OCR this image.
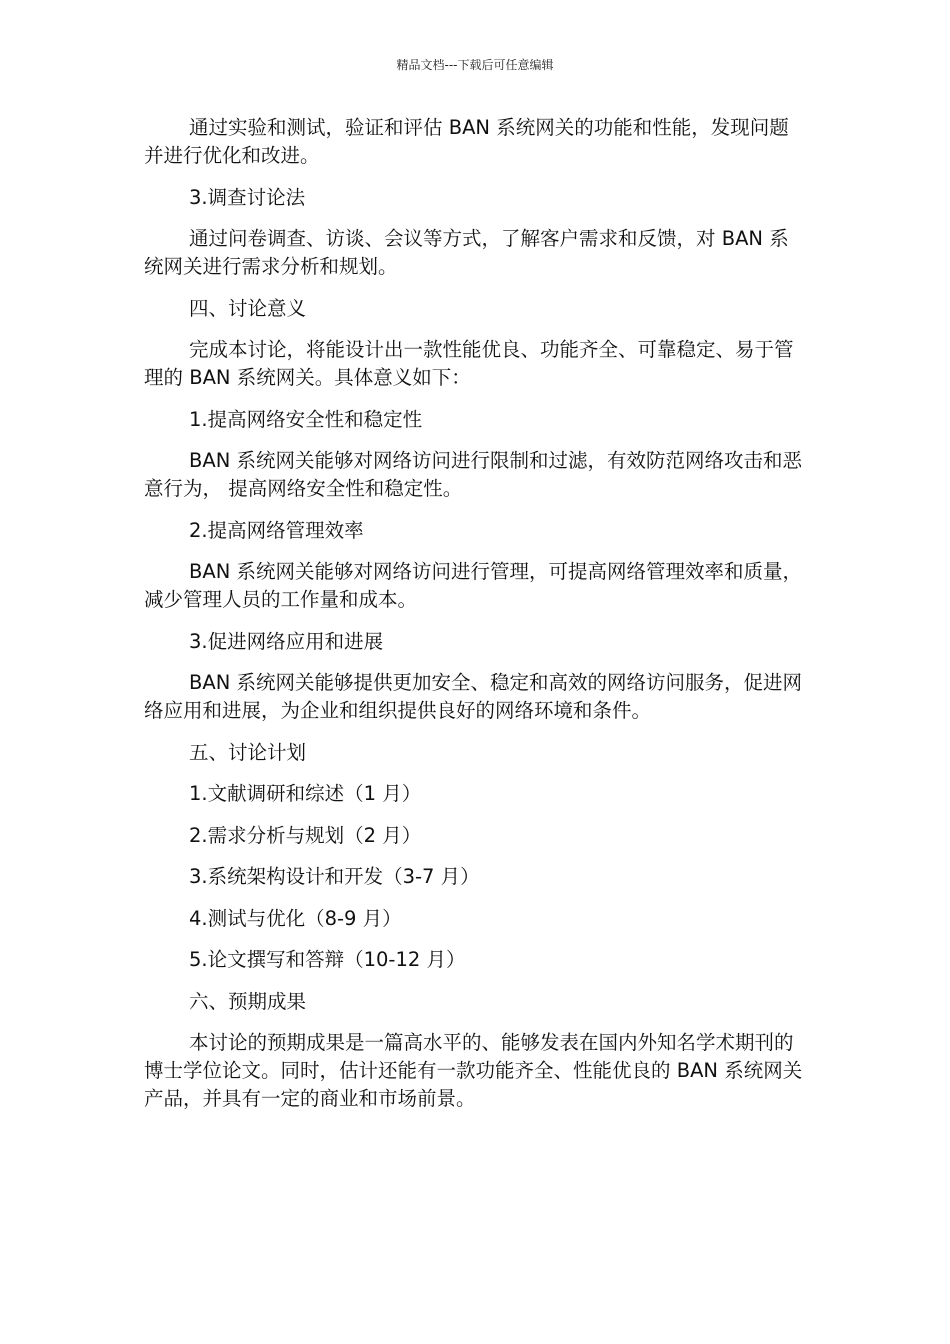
精品文档---下载后可任意编辑

通过实验和测试，验证和评估 BAN 系统网关的功能和性能，发现问题并进行优化和改进。

3.调查讨论法

通过问卷调查、访谈、会议等方式，了解客户需求和反馈，对 BAN 系统网关进行需求分析和规划。

四、讨论意义

完成本讨论，将能设计出一款性能优良、功能齐全、可靠稳定、易于管理的 BAN 系统网关。具体意义如下：

1.提高网络安全性和稳定性

BAN 系统网关能够对网络访问进行限制和过滤，有效防范网络攻击和恶意行为， 提高网络安全性和稳定性。

2.提高网络管理效率

BAN 系统网关能够对网络访问进行管理，可提高网络管理效率和质量，减少管理人员的工作量和成本。

3.促进网络应用和进展

BAN 系统网关能够提供更加安全、稳定和高效的网络访问服务，促进网络应用和进展，为企业和组织提供良好的网络环境和条件。

五、讨论计划

1.文献调研和综述（1 月）

2.需求分析与规划（2 月）

3.系统架构设计和开发（3-7 月）

4.测试与优化（8-9 月）

5.论文撰写和答辩（10-12 月）

六、预期成果

本讨论的预期成果是一篇高水平的、能够发表在国内外知名学术期刊的博士学位论文。同时，估计还能有一款功能齐全、性能优良的 BAN 系统网关产品，并具有一定的商业和市场前景。
